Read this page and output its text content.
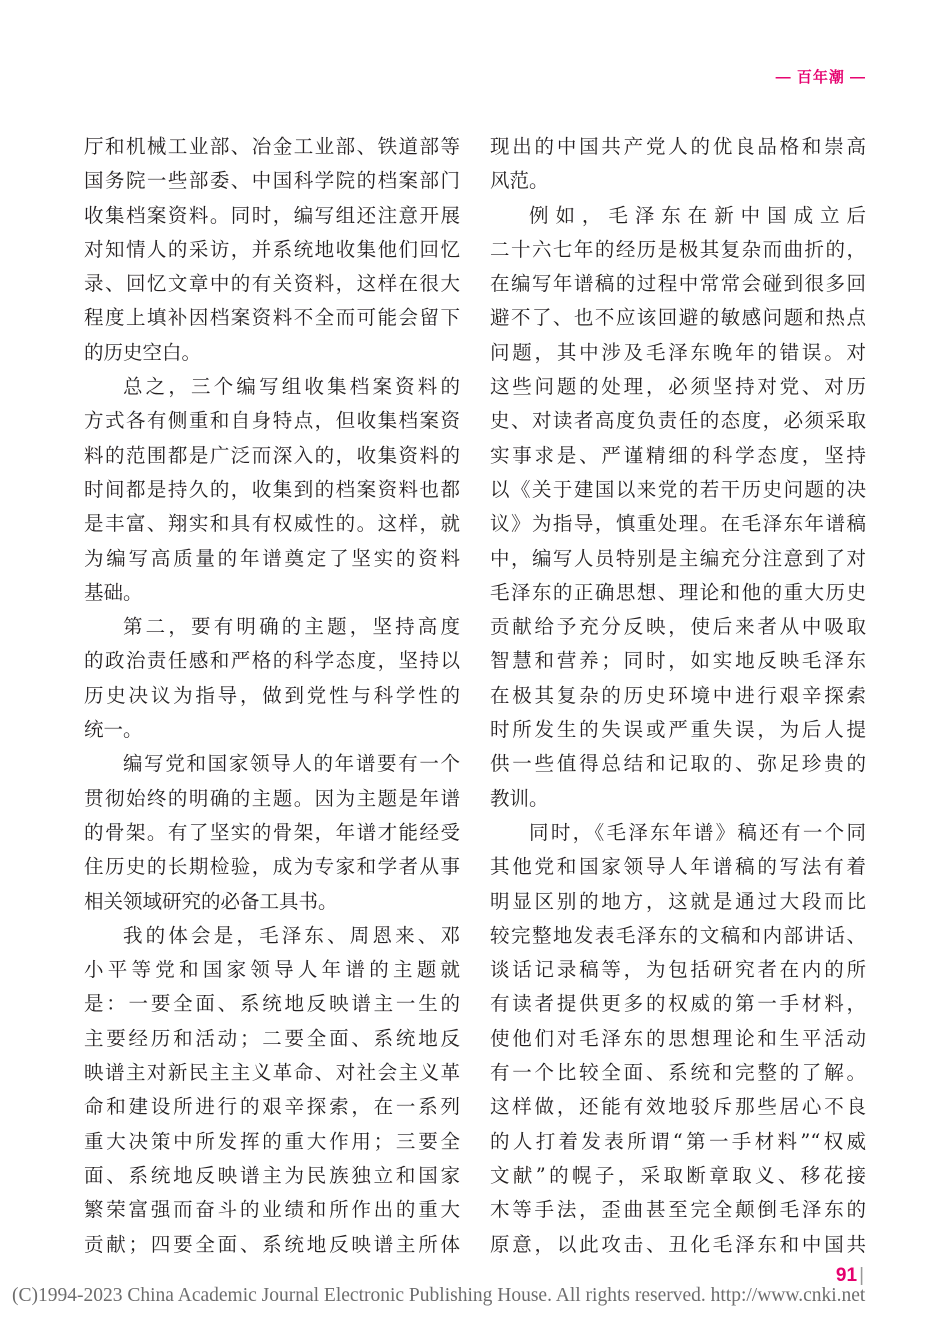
— 百年潮 —
厅和机械工业部、冶金工业部、铁道部等
国务院一些部委、中国科学院的档案部门
收集档案资料。同时，编写组还注意开展
对知情人的采访，并系统地收集他们回忆
录、回忆文章中的有关资料，这样在很大
程度上填补因档案资料不全而可能会留下
的历史空白。
总之，三个编写组收集档案资料的
方式各有侧重和自身特点，但收集档案资
料的范围都是广泛而深入的，收集资料的
时间都是持久的，收集到的档案资料也都
是丰富、翔实和具有权威性的。这样，就
为编写高质量的年谱奠定了坚实的资料
基础。
第二，要有明确的主题，坚持高度
的政治责任感和严格的科学态度，坚持以
历史决议为指导，做到党性与科学性的
统一。
编写党和国家领导人的年谱要有一个
贯彻始终的明确的主题。因为主题是年谱
的骨架。有了坚实的骨架，年谱才能经受
住历史的长期检验，成为专家和学者从事
相关领域研究的必备工具书。
我的体会是，毛泽东、周恩来、邓
小平等党和国家领导人年谱的主题就
是：一要全面、系统地反映谱主一生的
主要经历和活动；二要全面、系统地反
映谱主对新民主主义革命、对社会主义革
命和建设所进行的艰辛探索，在一系列
重大决策中所发挥的重大作用；三要全
面、系统地反映谱主为民族独立和国家
繁荣富强而奋斗的业绩和所作出的重大
贡献；四要全面、系统地反映谱主所体
现出的中国共产党人的优良品格和崇高
风范。
例如，毛泽东在新中国成立后
二十六七年的经历是极其复杂而曲折的，
在编写年谱稿的过程中常常会碰到很多回
避不了、也不应该回避的敏感问题和热点
问题，其中涉及毛泽东晚年的错误。对
这些问题的处理，必须坚持对党、对历
史、对读者高度负责任的态度，必须采取
实事求是、严谨精细的科学态度，坚持
以《关于建国以来党的若干历史问题的决
议》为指导，慎重处理。在毛泽东年谱稿
中，编写人员特别是主编充分注意到了对
毛泽东的正确思想、理论和他的重大历史
贡献给予充分反映，使后来者从中吸取
智慧和营养；同时，如实地反映毛泽东
在极其复杂的历史环境中进行艰辛探索
时所发生的失误或严重失误，为后人提
供一些值得总结和记取的、弥足珍贵的
教训。
同时，《毛泽东年谱》稿还有一个同
其他党和国家领导人年谱稿的写法有着
明显区别的地方，这就是通过大段而比
较完整地发表毛泽东的文稿和内部讲话、
谈话记录稿等，为包括研究者在内的所
有读者提供更多的权威的第一手材料，
使他们对毛泽东的思想理论和生平活动
有一个比较全面、系统和完整的了解。
这样做，还能有效地驳斥那些居心不良
的人打着发表所谓“第一手材料”“权威
文献”的幌子，采取断章取义、移花接
木等手法，歪曲甚至完全颠倒毛泽东的
原意，以此攻击、丑化毛泽东和中国共
91 |
(C)1994-2023 China Academic Journal Electronic Publishing House. All rights reserved. http://www.cnki.net
